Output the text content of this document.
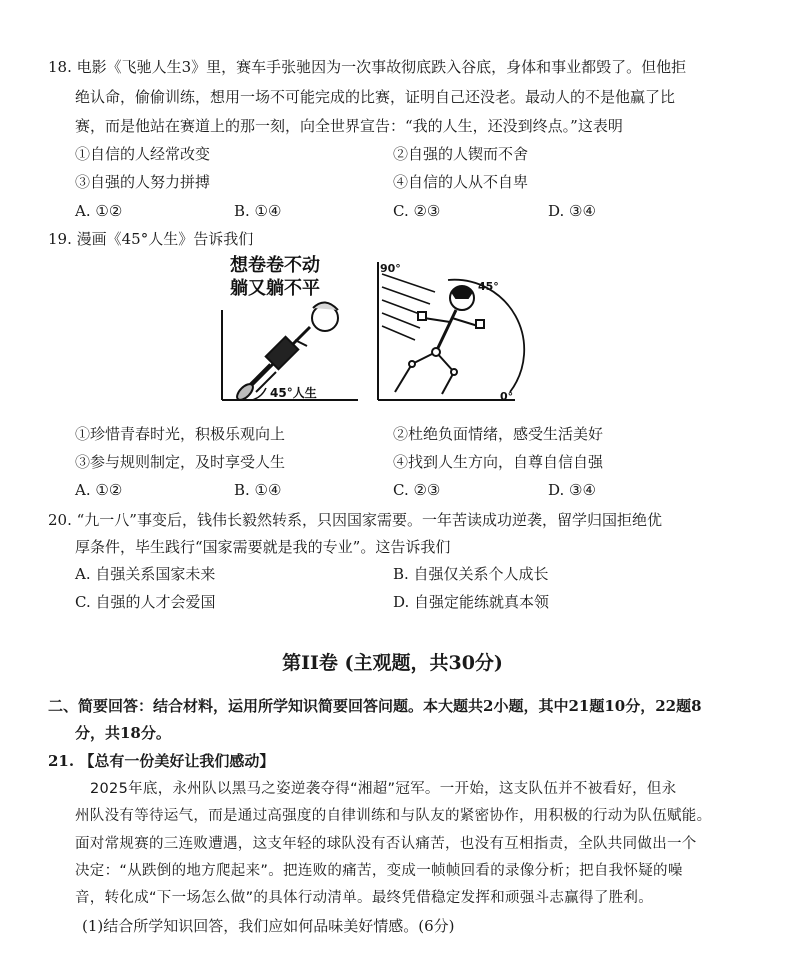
18. 电影《飞驰人生3》里，赛车手张驰因为一次事故彻底跌入谷底，身体和事业都毁了。但他拒
绝认命，偷偷训练，想用一场不可能完成的比赛，证明自己还没老。最动人的不是他赢了比
赛，而是他站在赛道上的那一刻，向全世界宣告：“我的人生，还没到终点。”这表明
①自信的人经常改变	②自强的人锲而不舍
③自强的人努力拼搏	④自信的人从不自卑
A. ①②	B. ①④	C. ②③	D. ③④
19. 漫画《45°人生》告诉我们
想卷卷不动
躺又躺不平
45°人生
90°
0°
45°
①珍惜青春时光，积极乐观向上	②杜绝负面情绪，感受生活美好
③参与规则制定，及时享受人生	④找到人生方向，自尊自信自强
A. ①②	B. ①④	C. ②③	D. ③④
20. “九一八”事变后，钱伟长毅然转系，只因国家需要。一年苦读成功逆袭，留学归国拒绝优
厚条件，毕生践行“国家需要就是我的专业”。这告诉我们
A. 自强关系国家未来	B. 自强仅关系个人成长
C. 自强的人才会爱国	D. 自强定能练就真本领
第II卷 (主观题，共30分)
二、简要回答：结合材料，运用所学知识简要回答问题。本大题共2小题，其中21题10分，22题8
分，共18分。
21. 【总有一份美好让我们感动】
2025年底，永州队以黑马之姿逆袭夺得“湘超”冠军。一开始，这支队伍并不被看好，但永
州队没有等待运气，而是通过高强度的自律训练和与队友的紧密协作，用积极的行动为队伍赋能。
面对常规赛的三连败遭遇，这支年轻的球队没有否认痛苦，也没有互相指责，全队共同做出一个
决定：“从跌倒的地方爬起来”。把连败的痛苦，变成一帧帧回看的录像分析；把自我怀疑的噪
音，转化成“下一场怎么做”的具体行动清单。最终凭借稳定发挥和顽强斗志赢得了胜利。
(1)结合所学知识回答，我们应如何品味美好情感。(6分)
